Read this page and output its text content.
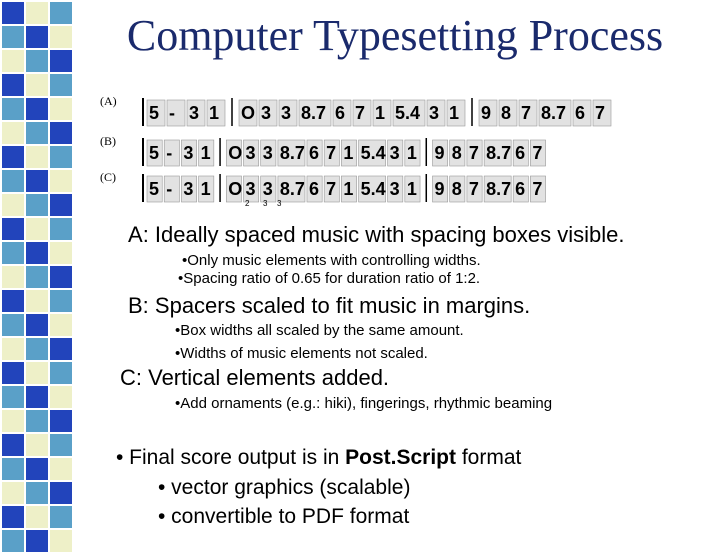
Computer Typesetting Process
5 - 3 1 O 3 3 8.7 6 7 1 5.4 3 1 9 8 7 8.7 6 7
5 - 3 1 O 3 3 8.7 6 7 1 5.4 3 1 9 8 7 8.7 6 7
5 - 3 1 O 3 3 8.7 6 7 1 5.4 3 1 9 8 7 8.7 6 7
2 3 3
(A)
(B)
(C)
A: Ideally spaced music with spacing boxes visible.
•Only music elements with controlling widths.
•Spacing ratio of 0.65 for duration ratio of 1:2.
B: Spacers scaled to fit music in margins.
•Box widths all scaled by the same amount.
•Widths of music elements not scaled.
C: Vertical elements added.
•Add ornaments (e.g.: hiki), fingerings, rhythmic beaming
• Final score output is in Post.Script format
• vector graphics (scalable)
• convertible to PDF format
